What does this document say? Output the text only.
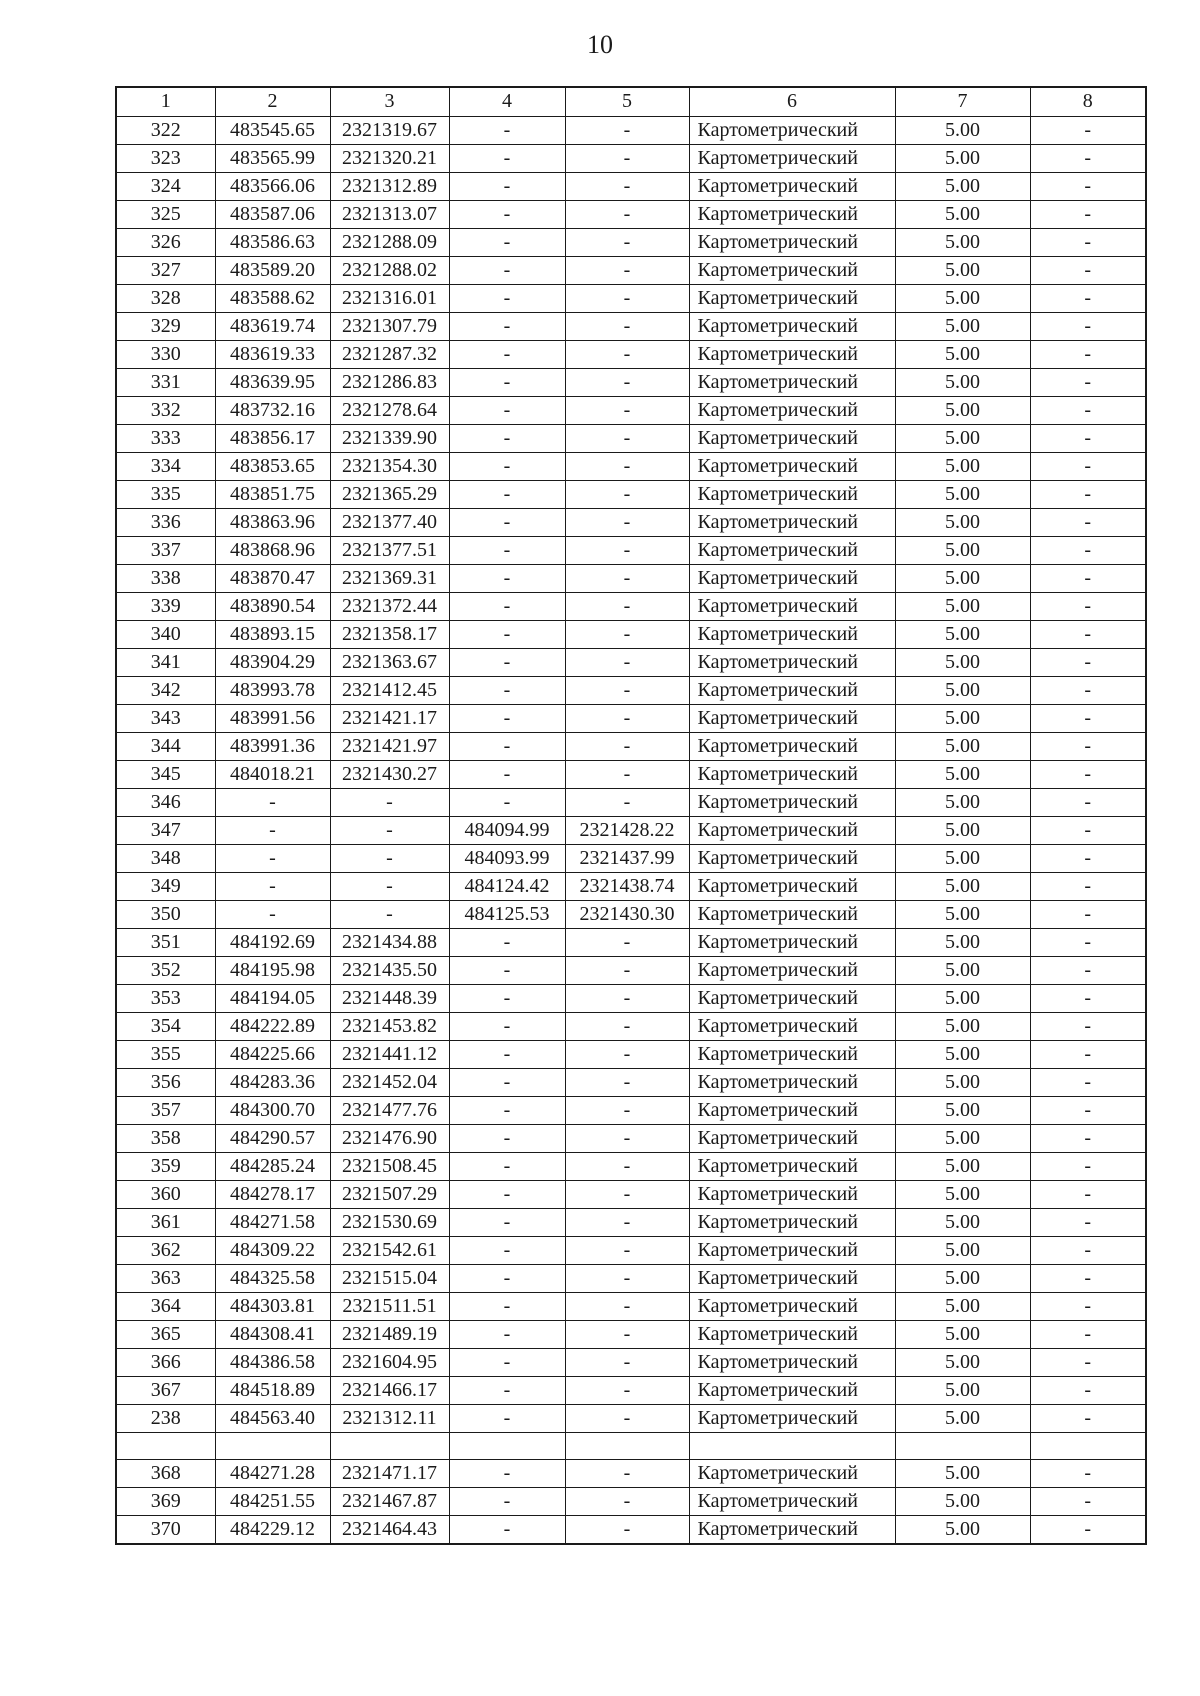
10
1	2	3	4	5	6	7	8
322	483545.65	2321319.67	-	-	Картометрический	5.00	-
323	483565.99	2321320.21	-	-	Картометрический	5.00	-
324	483566.06	2321312.89	-	-	Картометрический	5.00	-
325	483587.06	2321313.07	-	-	Картометрический	5.00	-
326	483586.63	2321288.09	-	-	Картометрический	5.00	-
327	483589.20	2321288.02	-	-	Картометрический	5.00	-
328	483588.62	2321316.01	-	-	Картометрический	5.00	-
329	483619.74	2321307.79	-	-	Картометрический	5.00	-
330	483619.33	2321287.32	-	-	Картометрический	5.00	-
331	483639.95	2321286.83	-	-	Картометрический	5.00	-
332	483732.16	2321278.64	-	-	Картометрический	5.00	-
333	483856.17	2321339.90	-	-	Картометрический	5.00	-
334	483853.65	2321354.30	-	-	Картометрический	5.00	-
335	483851.75	2321365.29	-	-	Картометрический	5.00	-
336	483863.96	2321377.40	-	-	Картометрический	5.00	-
337	483868.96	2321377.51	-	-	Картометрический	5.00	-
338	483870.47	2321369.31	-	-	Картометрический	5.00	-
339	483890.54	2321372.44	-	-	Картометрический	5.00	-
340	483893.15	2321358.17	-	-	Картометрический	5.00	-
341	483904.29	2321363.67	-	-	Картометрический	5.00	-
342	483993.78	2321412.45	-	-	Картометрический	5.00	-
343	483991.56	2321421.17	-	-	Картометрический	5.00	-
344	483991.36	2321421.97	-	-	Картометрический	5.00	-
345	484018.21	2321430.27	-	-	Картометрический	5.00	-
346	-	-	-	-	Картометрический	5.00	-
347	-	-	484094.99	2321428.22	Картометрический	5.00	-
348	-	-	484093.99	2321437.99	Картометрический	5.00	-
349	-	-	484124.42	2321438.74	Картометрический	5.00	-
350	-	-	484125.53	2321430.30	Картометрический	5.00	-
351	484192.69	2321434.88	-	-	Картометрический	5.00	-
352	484195.98	2321435.50	-	-	Картометрический	5.00	-
353	484194.05	2321448.39	-	-	Картометрический	5.00	-
354	484222.89	2321453.82	-	-	Картометрический	5.00	-
355	484225.66	2321441.12	-	-	Картометрический	5.00	-
356	484283.36	2321452.04	-	-	Картометрический	5.00	-
357	484300.70	2321477.76	-	-	Картометрический	5.00	-
358	484290.57	2321476.90	-	-	Картометрический	5.00	-
359	484285.24	2321508.45	-	-	Картометрический	5.00	-
360	484278.17	2321507.29	-	-	Картометрический	5.00	-
361	484271.58	2321530.69	-	-	Картометрический	5.00	-
362	484309.22	2321542.61	-	-	Картометрический	5.00	-
363	484325.58	2321515.04	-	-	Картометрический	5.00	-
364	484303.81	2321511.51	-	-	Картометрический	5.00	-
365	484308.41	2321489.19	-	-	Картометрический	5.00	-
366	484386.58	2321604.95	-	-	Картометрический	5.00	-
367	484518.89	2321466.17	-	-	Картометрический	5.00	-
238	484563.40	2321312.11	-	-	Картометрический	5.00	-

368	484271.28	2321471.17	-	-	Картометрический	5.00	-
369	484251.55	2321467.87	-	-	Картометрический	5.00	-
370	484229.12	2321464.43	-	-	Картометрический	5.00	-
